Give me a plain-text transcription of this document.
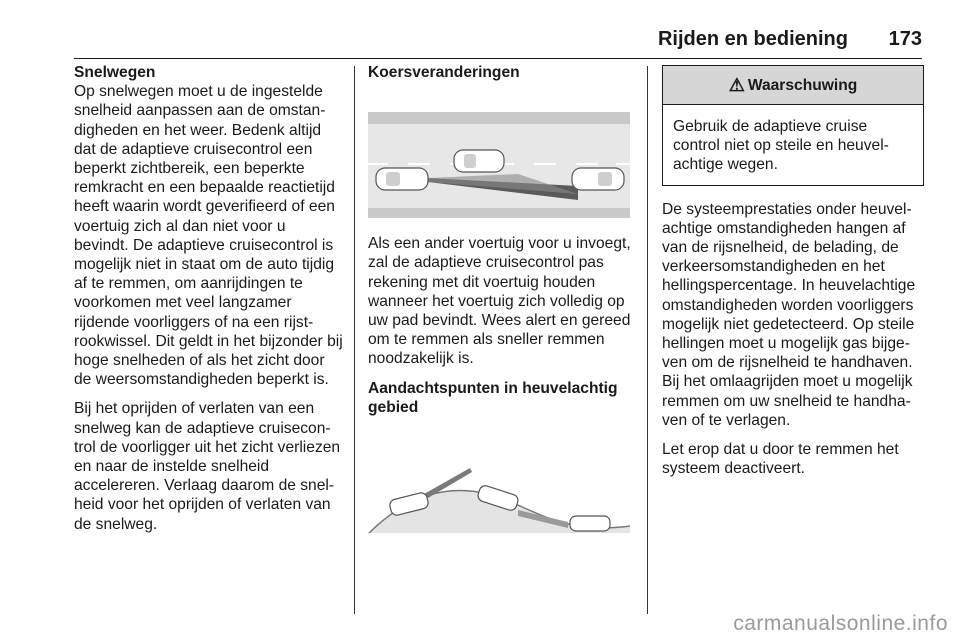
Rijden en bediening 173

Snelwegen

Op snelwegen moet u de ingestelde snelheid aanpassen aan de omstandigheden en het weer. Bedenk altijd dat de adaptieve cruisecontrol een beperkt zichtbereik, een beperkte remkracht en een bepaalde reactietijd heeft waarin wordt geverifieerd of een voertuig zich al dan niet voor u bevindt. De adaptieve cruisecontrol is mogelijk niet in staat om de auto tijdig af te remmen, om aanrijdingen te voorkomen met veel langzamer rijdende voorliggers of na een rijstrookwissel. Dit geldt in het bijzonder bij hoge snelheden of als het zicht door de weersomstandigheden beperkt is.

Bij het oprijden of verlaten van een snelweg kan de adaptieve cruisecontrol de voorligger uit het zicht verliezen en naar de instelde snelheid accelereren. Verlaag daarom de snelheid voor het oprijden of verlaten van de snelweg.

Koersveranderingen

Als een ander voertuig voor u invoegt, zal de adaptieve cruisecontrol pas rekening met dit voertuig houden wanneer het voertuig zich volledig op uw pad bevindt. Wees alert en gereed om te remmen als sneller remmen noodzakelijk is.

Aandachtspunten in heuvelachtig gebied

⚠ Waarschuwing
Gebruik de adaptieve cruise control niet op steile en heuvelachtige wegen.

De systeemprestaties onder heuvelachtige omstandigheden hangen af van de rijsnelheid, de belading, de verkeersomstandigheden en het hellingspercentage. In heuvelachtige omstandigheden worden voorliggers mogelijk niet gedetecteerd. Op steile hellingen moet u mogelijk gas bijgeven om de rijsnelheid te handhaven. Bij het omlaagrijden moet u mogelijk remmen om uw snelheid te handhaven of te verlagen.

Let erop dat u door te remmen het systeem deactiveert.

carmanualsonline.info
